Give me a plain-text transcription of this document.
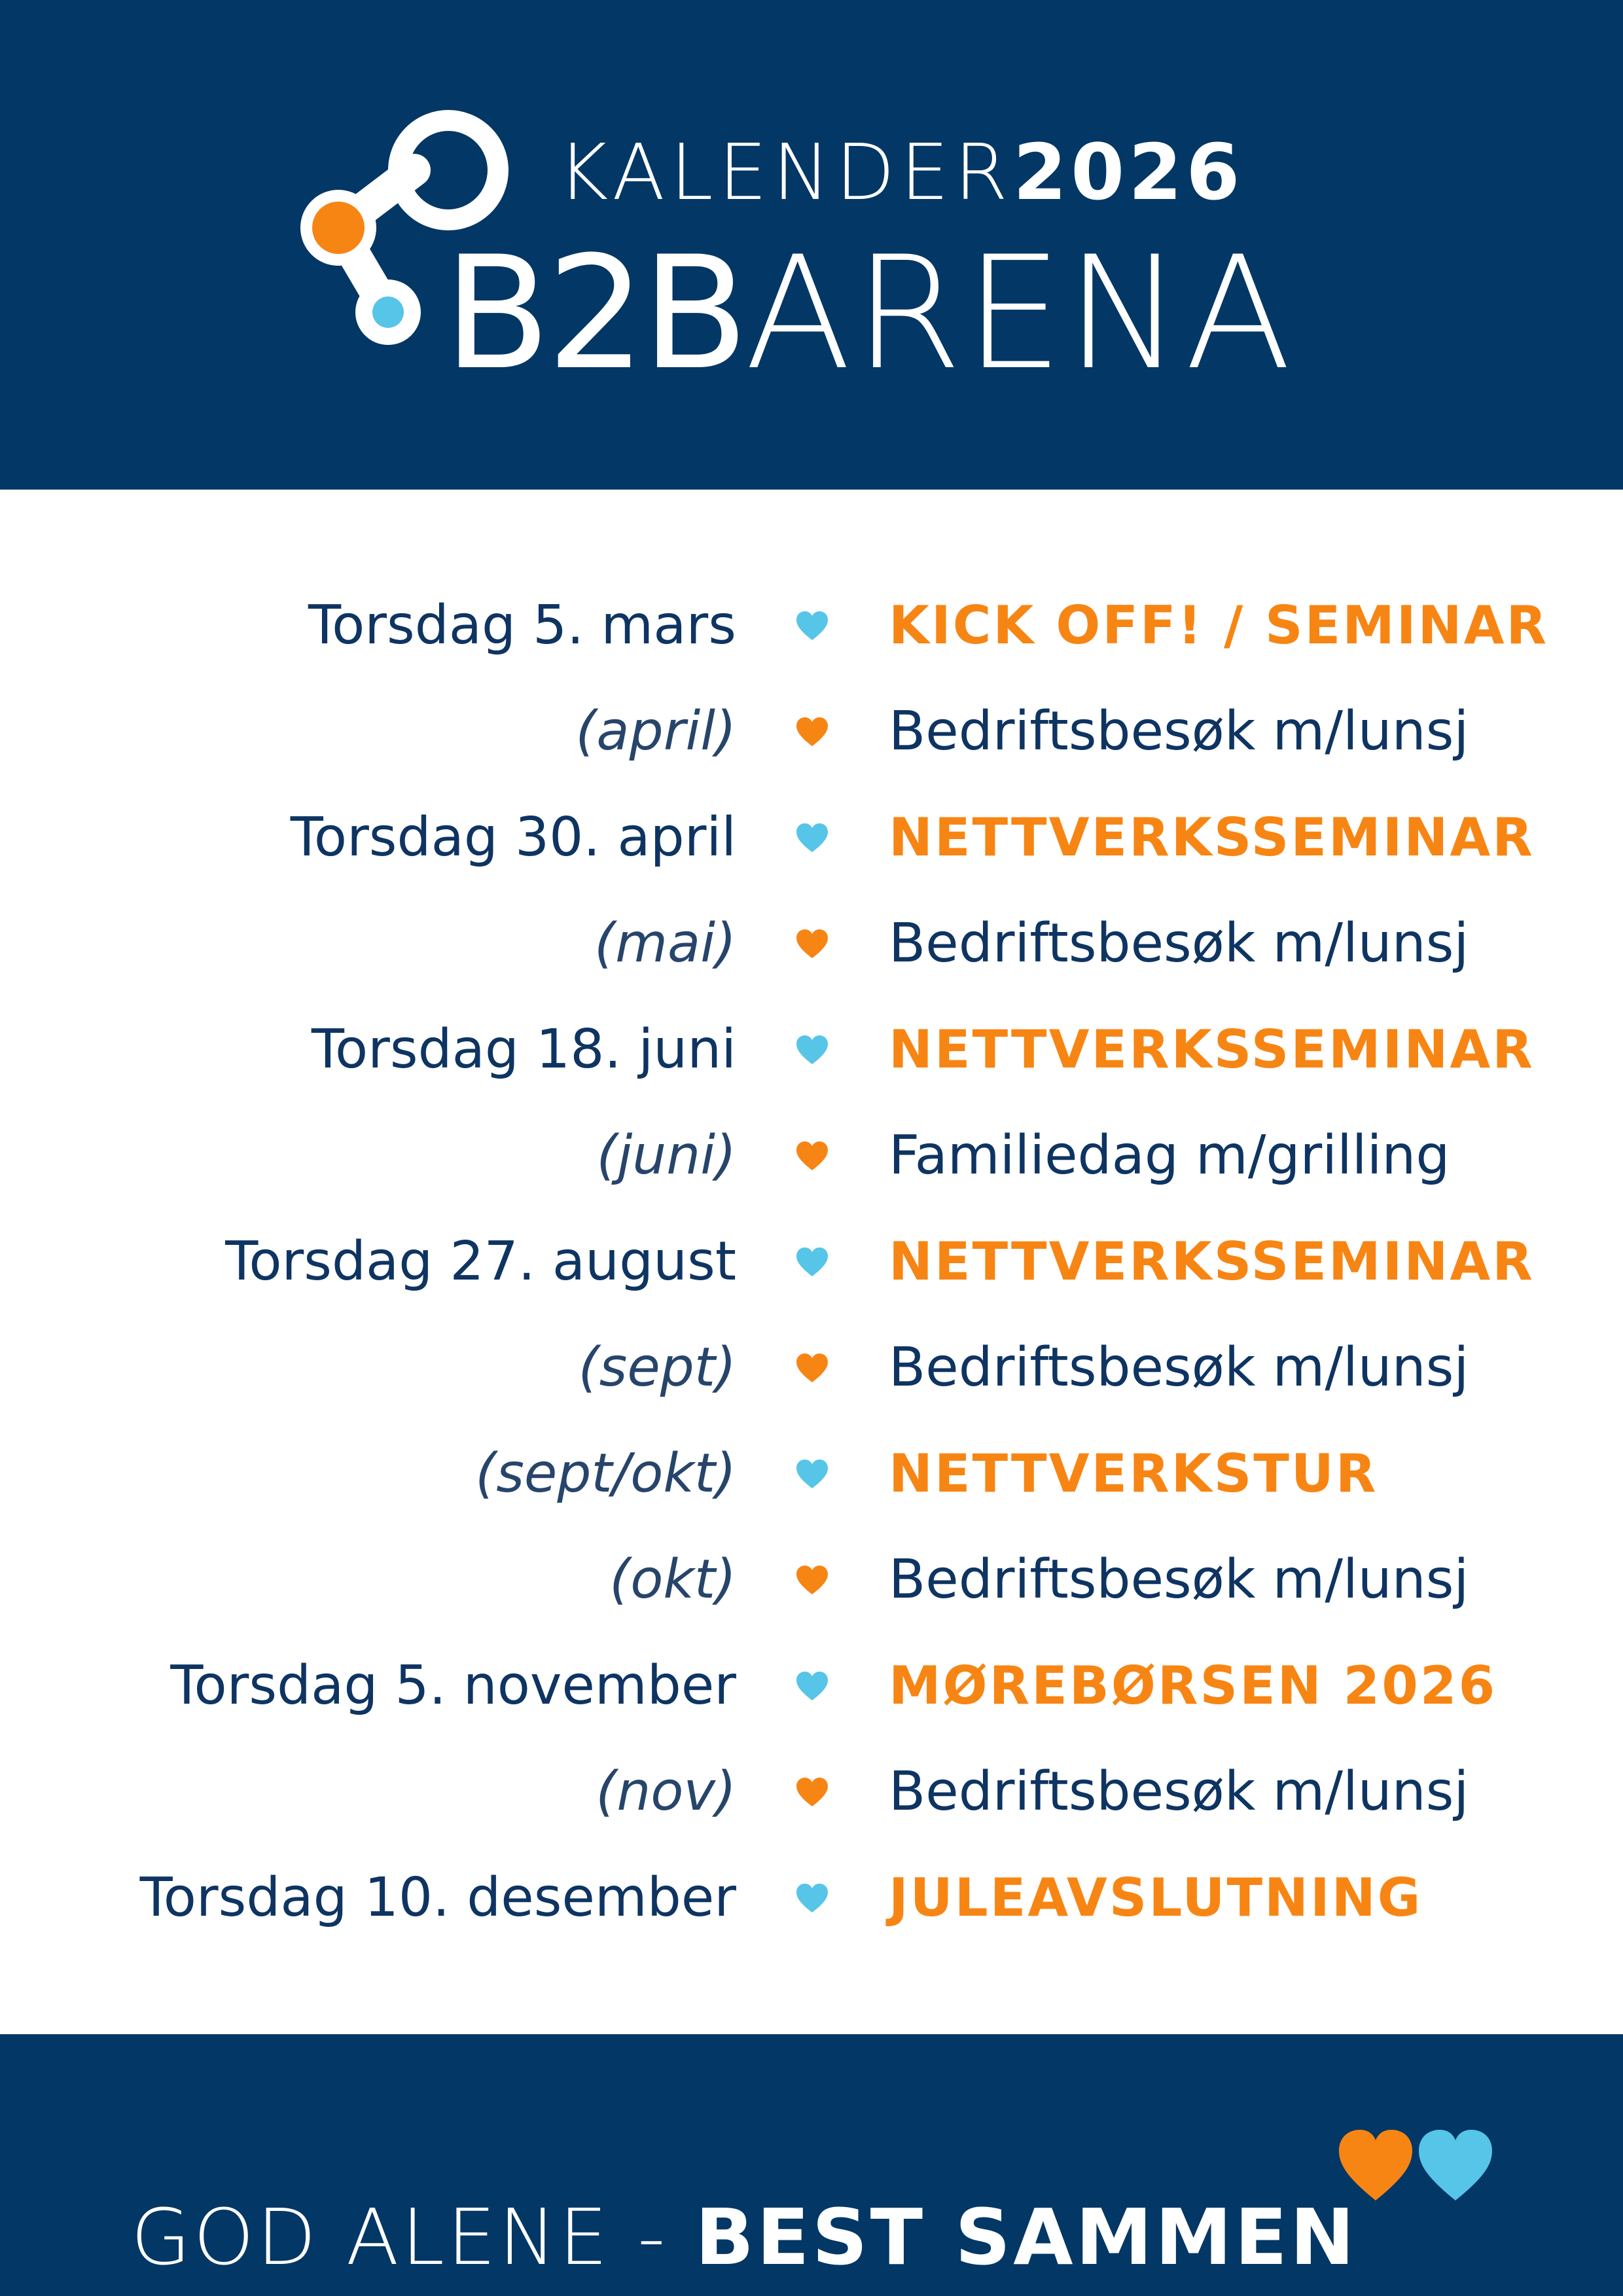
KALENDER2026
B2BARENA
Torsdag 5. mars	KICK OFF! / SEMINAR
(april)	Bedriftsbesøk m/lunsj
Torsdag 30. april	NETTVERKSSEMINAR
(mai)	Bedriftsbesøk m/lunsj
Torsdag 18. juni	NETTVERKSSEMINAR
(juni)	Familiedag m/grilling
Torsdag 27. august	NETTVERKSSEMINAR
(sept)	Bedriftsbesøk m/lunsj
(sept/okt)	NETTVERKSTUR
(okt)	Bedriftsbesøk m/lunsj
Torsdag 5. november	MØREBØRSEN 2026
(nov)	Bedriftsbesøk m/lunsj
Torsdag 10. desember	JULEAVSLUTNING
GOD ALENE - BEST SAMMEN
